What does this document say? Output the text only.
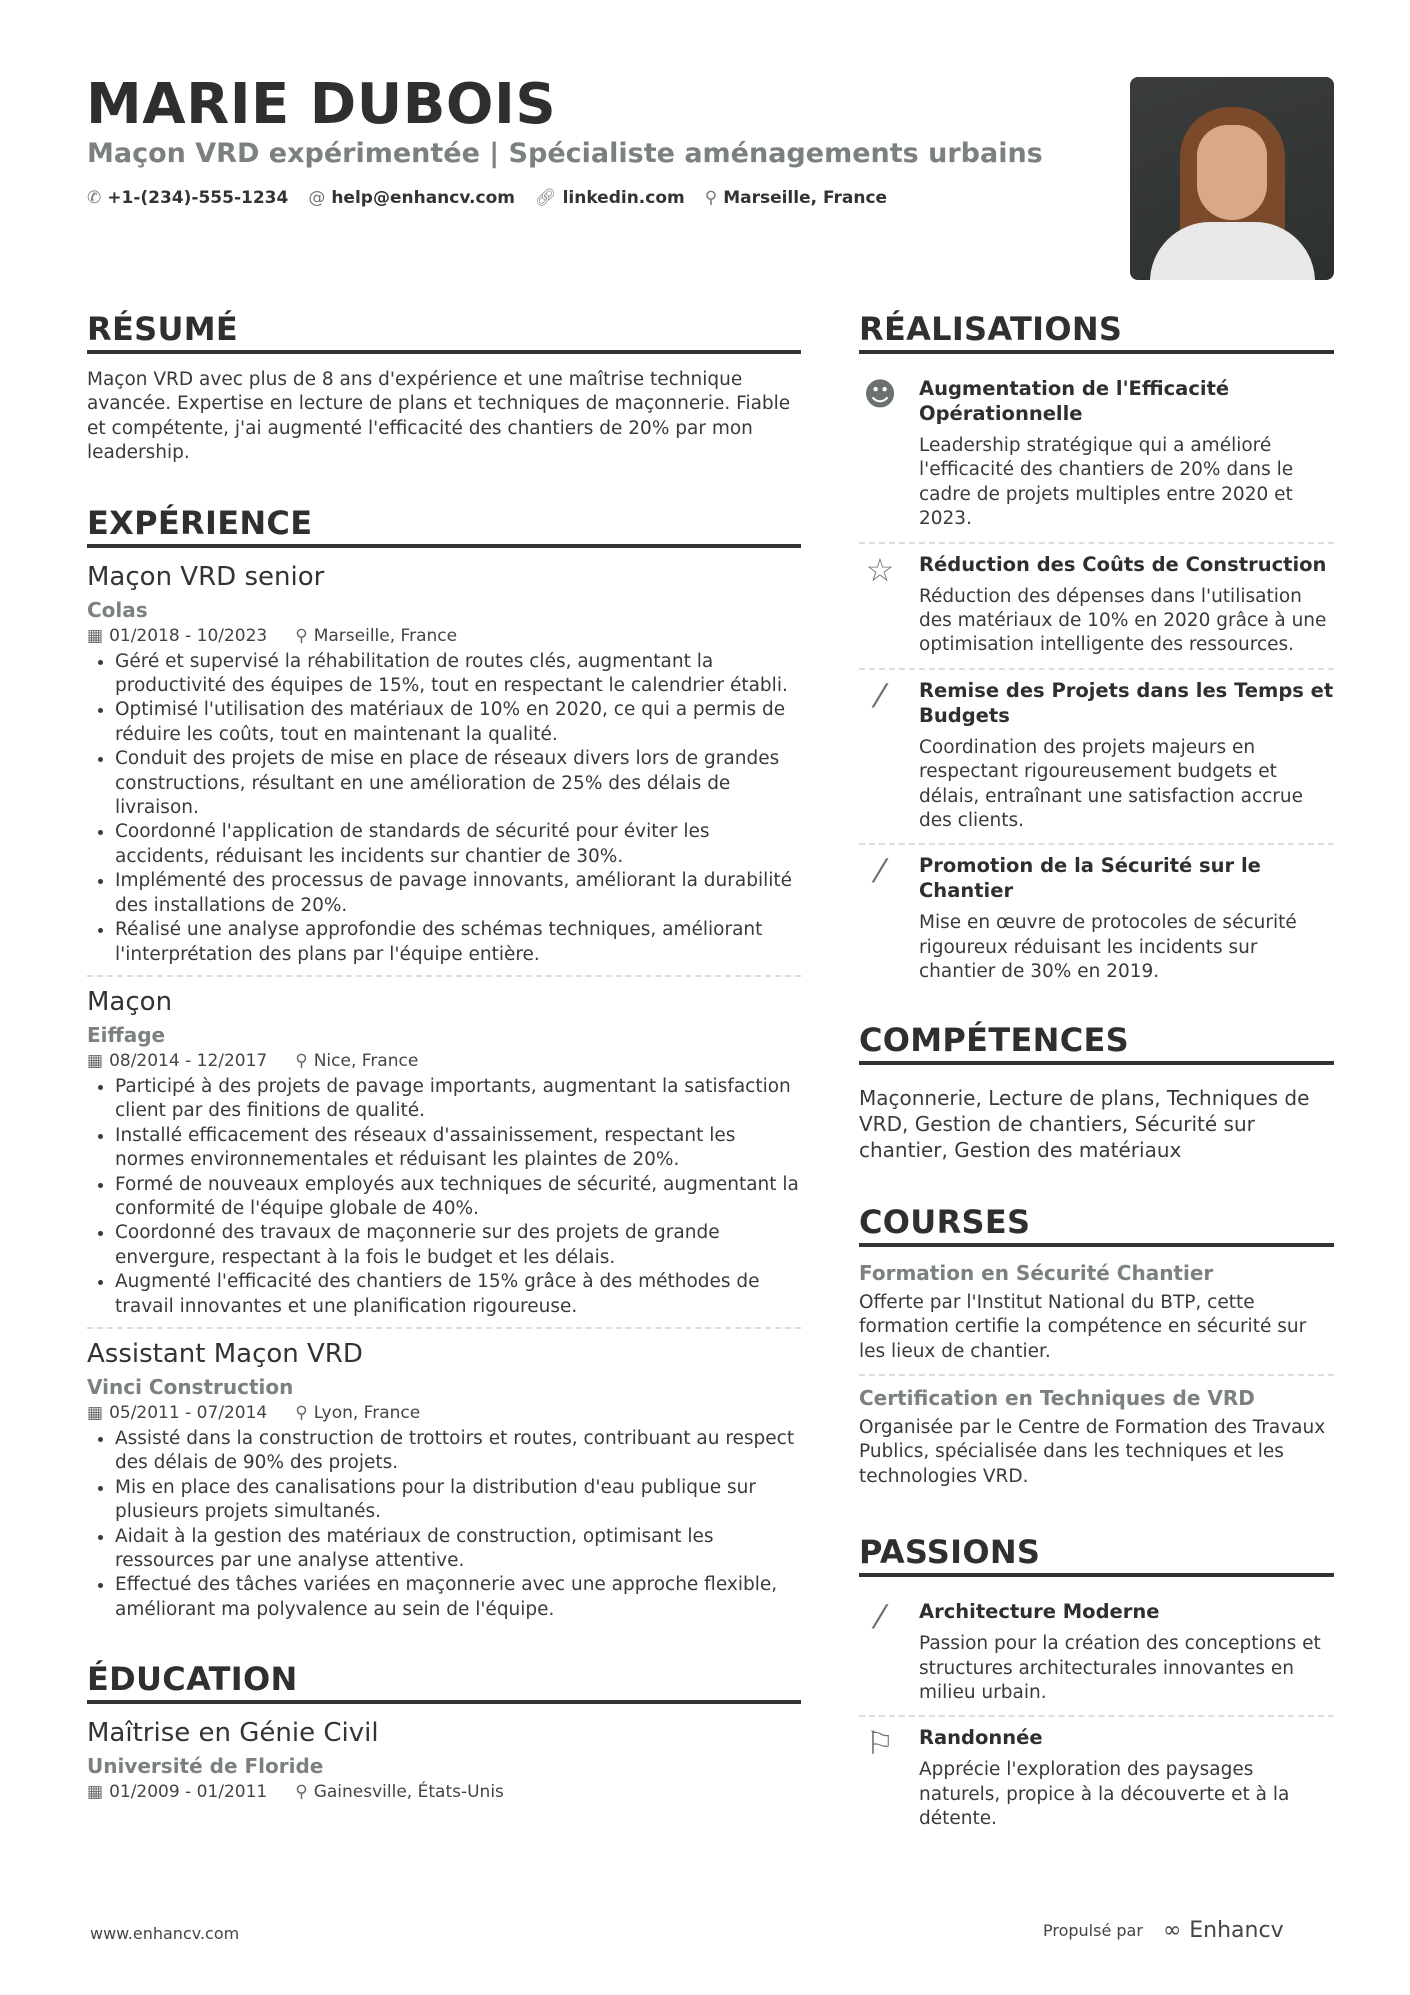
MARIE DUBOIS
Maçon VRD expérimentée | Spécialiste aménagements urbains
✆ +1-(234)-555-1234 @ help@enhancv.com 🔗︎ linkedin.com ⚲ Marseille, France
RÉSUMÉ

Maçon VRD avec plus de 8 ans d'expérience et une maîtrise technique avancée. Expertise en lecture de plans et techniques de maçonnerie. Fiable et compétente, j'ai augmenté l'efficacité des chantiers de 20% par mon leadership.

EXPÉRIENCE
Maçon VRD senior
Colas
▦ 01/2018 - 10/2023 ⚲ Marseille, France
• Géré et supervisé la réhabilitation de routes clés, augmentant la productivité des équipes de 15%, tout en respectant le calendrier établi.
• Optimisé l'utilisation des matériaux de 10% en 2020, ce qui a permis de réduire les coûts, tout en maintenant la qualité.
• Conduit des projets de mise en place de réseaux divers lors de grandes constructions, résultant en une amélioration de 25% des délais de livraison.
• Coordonné l'application de standards de sécurité pour éviter les accidents, réduisant les incidents sur chantier de 30%.
• Implémenté des processus de pavage innovants, améliorant la durabilité des installations de 20%.
• Réalisé une analyse approfondie des schémas techniques, améliorant l'interprétation des plans par l'équipe entière.
Maçon
Eiffage
▦ 08/2014 - 12/2017 ⚲ Nice, France
• Participé à des projets de pavage importants, augmentant la satisfaction client par des finitions de qualité.
• Installé efficacement des réseaux d'assainissement, respectant les normes environnementales et réduisant les plaintes de 20%.
• Formé de nouveaux employés aux techniques de sécurité, augmentant la conformité de l'équipe globale de 40%.
• Coordonné des travaux de maçonnerie sur des projets de grande envergure, respectant à la fois le budget et les délais.
• Augmenté l'efficacité des chantiers de 15% grâce à des méthodes de travail innovantes et une planification rigoureuse.
Assistant Maçon VRD
Vinci Construction
▦ 05/2011 - 07/2014 ⚲ Lyon, France
• Assisté dans la construction de trottoirs et routes, contribuant au respect des délais de 90% des projets.
• Mis en place des canalisations pour la distribution d'eau publique sur plusieurs projets simultanés.
• Aidait à la gestion des matériaux de construction, optimisant les ressources par une analyse attentive.
• Effectué des tâches variées en maçonnerie avec une approche flexible, améliorant ma polyvalence au sein de l'équipe.
ÉDUCATION
Maîtrise en Génie Civil
Université de Floride
▦ 01/2009 - 01/2011 ⚲ Gainesville, États-Unis
RÉALISATIONS
☻ Augmentation de l'Efficacité Opérationnelle
Leadership stratégique qui a amélioré l'efficacité des chantiers de 20% dans le cadre de projets multiples entre 2020 et 2023.
☆	Réduction des Coûts de Construction
Réduction des dépenses dans l'utilisation des matériaux de 10% en 2020 grâce à une optimisation intelligente des ressources.
⁄	Remise des Projets dans les Temps et Budgets
Coordination des projets majeurs en respectant rigoureusement budgets et délais, entraînant une satisfaction accrue des clients.
⁄	Promotion de la Sécurité sur le Chantier
Mise en œuvre de protocoles de sécurité rigoureux réduisant les incidents sur chantier de 30% en 2019.
COMPÉTENCES
Maçonnerie, Lecture de plans, Techniques de VRD, Gestion de chantiers, Sécurité sur chantier, Gestion des matériaux
COURSES
Formation en Sécurité Chantier
Offerte par l'Institut National du BTP, cette formation certifie la compétence en sécurité sur les lieux de chantier.
Certification en Techniques de VRD
Organisée par le Centre de Formation des Travaux Publics, spécialisée dans les techniques et les technologies VRD.
PASSIONS
⁄	Architecture Moderne
Passion pour la création des conceptions et structures architecturales innovantes en milieu urbain.
⚐	Randonnée
Apprécie l'exploration des paysages naturels, propice à la découverte et à la détente.
www.enhancv.com	Propulsé par ∞ Enhancv
